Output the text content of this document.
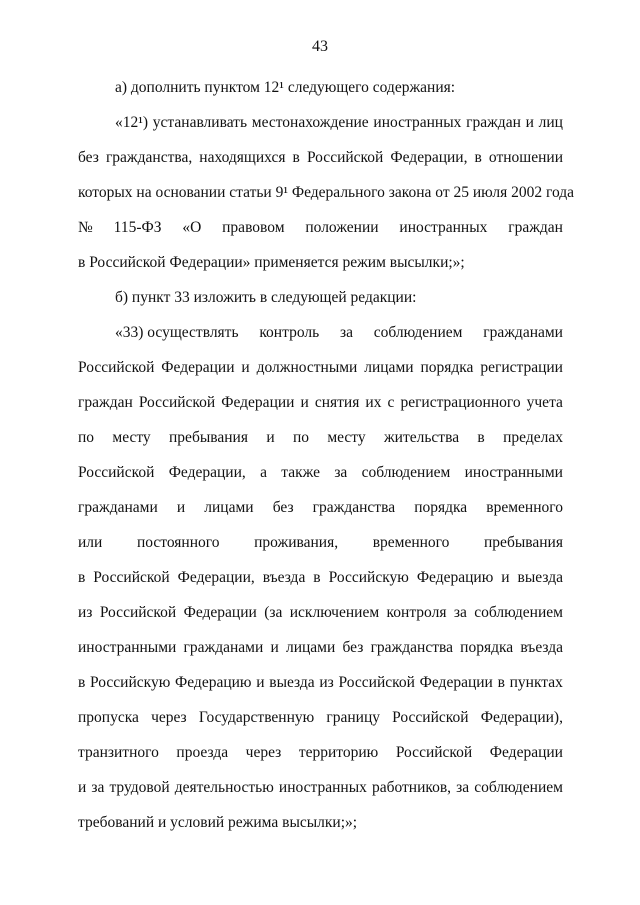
43
а) дополнить пунктом 12¹ следующего содержания:
«12¹) устанавливать местонахождение иностранных граждан и лиц
без гражданства, находящихся в Российской Федерации, в отношении
которых на основании статьи 9¹ Федерального закона от 25 июля 2002 года
№ 115-ФЗ «О правовом положении иностранных граждан
в Российской Федерации» применяется режим высылки;»;
б) пункт 33 изложить в следующей редакции:
«33) осуществлять контроль за соблюдением гражданами
Российской Федерации и должностными лицами порядка регистрации
граждан Российской Федерации и снятия их с регистрационного учета
по месту пребывания и по месту жительства в пределах
Российской Федерации, а также за соблюдением иностранными
гражданами и лицами без гражданства порядка временного
или постоянного проживания, временного пребывания
в Российской Федерации, въезда в Российскую Федерацию и выезда
из Российской Федерации (за исключением контроля за соблюдением
иностранными гражданами и лицами без гражданства порядка въезда
в Российскую Федерацию и выезда из Российской Федерации в пунктах
пропуска через Государственную границу Российской Федерации),
транзитного проезда через территорию Российской Федерации
и за трудовой деятельностью иностранных работников, за соблюдением
требований и условий режима высылки;»;
